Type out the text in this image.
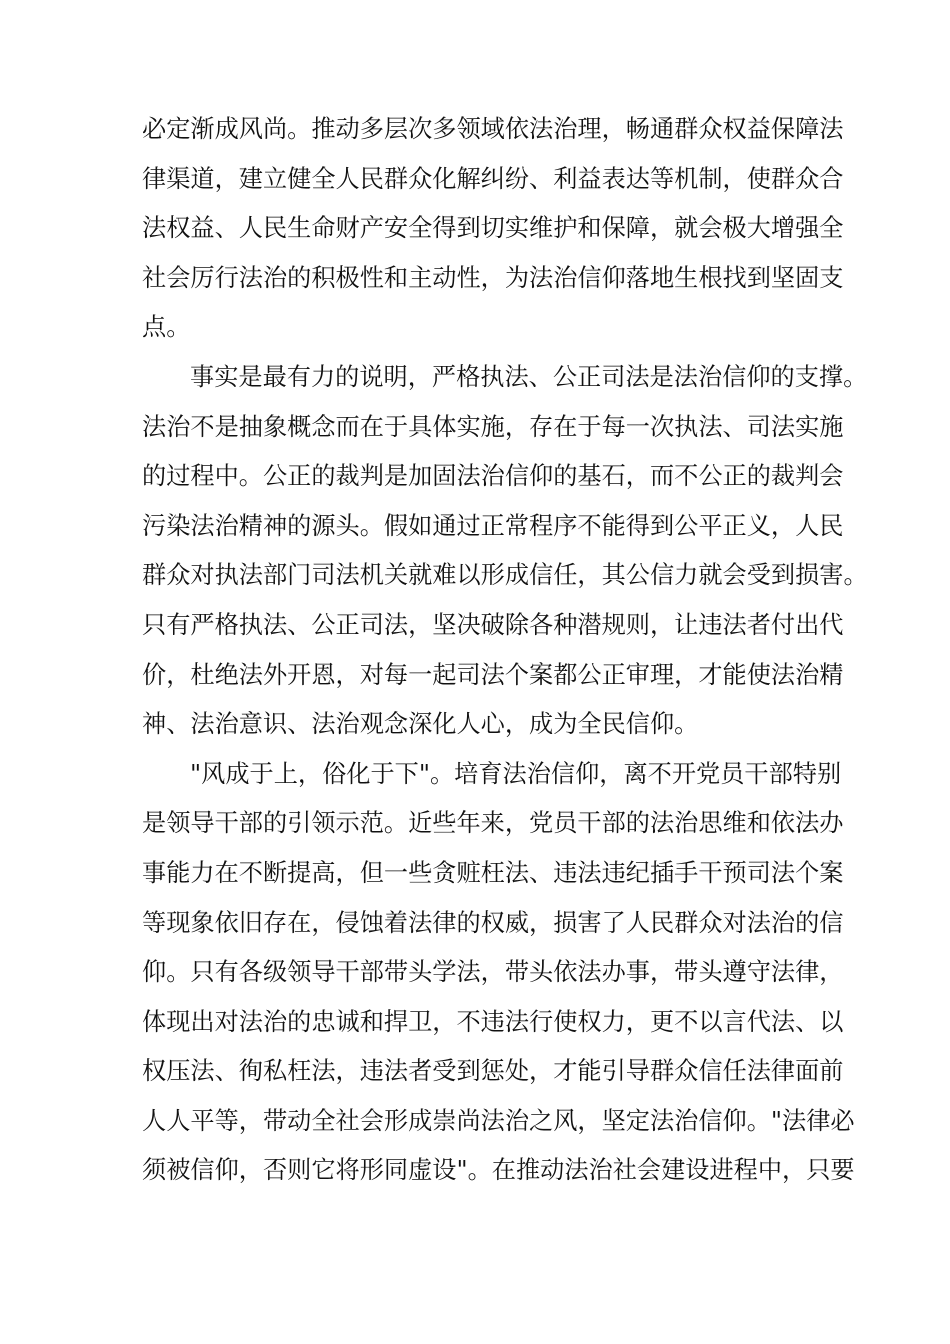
必定渐成风尚。推动多层次多领域依法治理，畅通群众权益保障法
律渠道，建立健全人民群众化解纠纷、利益表达等机制，使群众合
法权益、人民生命财产安全得到切实维护和保障，就会极大增强全
社会厉行法治的积极性和主动性，为法治信仰落地生根找到坚固支
点。
事实是最有力的说明，严格执法、公正司法是法治信仰的支撑。
法治不是抽象概念而在于具体实施，存在于每一次执法、司法实施
的过程中。公正的裁判是加固法治信仰的基石，而不公正的裁判会
污染法治精神的源头。假如通过正常程序不能得到公平正义，人民
群众对执法部门司法机关就难以形成信任，其公信力就会受到损害。
只有严格执法、公正司法，坚决破除各种潜规则，让违法者付出代
价，杜绝法外开恩，对每一起司法个案都公正审理，才能使法治精
神、法治意识、法治观念深化人心，成为全民信仰。
"风成于上，俗化于下"。培育法治信仰，离不开党员干部特别
是领导干部的引领示范。近些年来，党员干部的法治思维和依法办
事能力在不断提高，但一些贪赃枉法、违法违纪插手干预司法个案
等现象依旧存在，侵蚀着法律的权威，损害了人民群众对法治的信
仰。只有各级领导干部带头学法，带头依法办事，带头遵守法律，
体现出对法治的忠诚和捍卫，不违法行使权力，更不以言代法、以
权压法、徇私枉法，违法者受到惩处，才能引导群众信任法律面前
人人平等，带动全社会形成崇尚法治之风，坚定法治信仰。"法律必
须被信仰，否则它将形同虚设"。在推动法治社会建设进程中，只要
